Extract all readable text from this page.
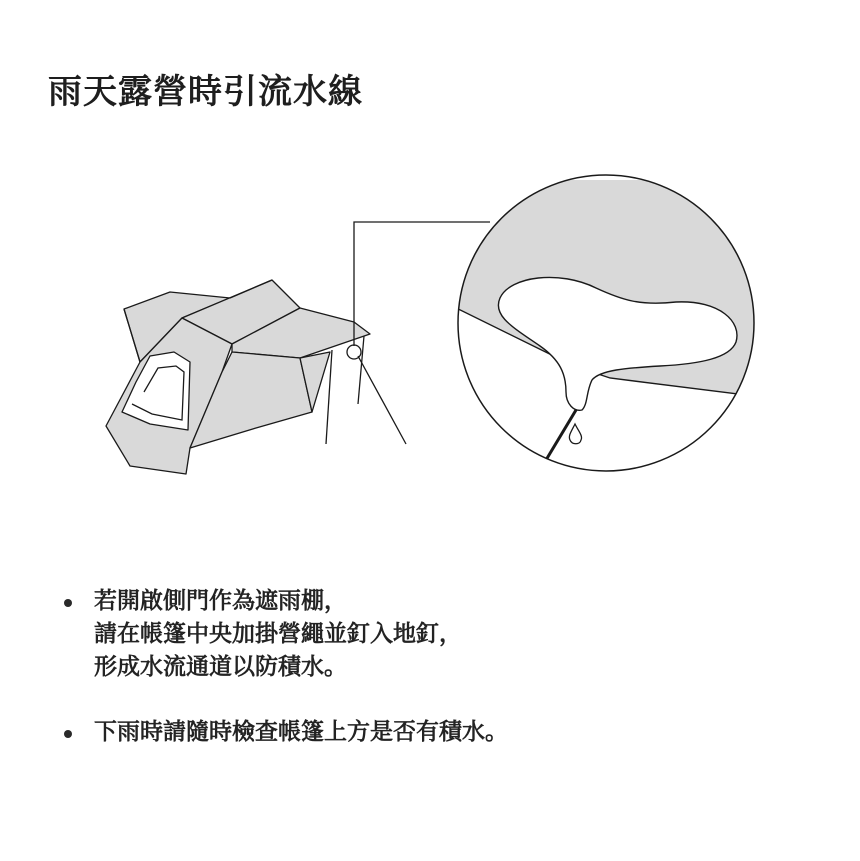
雨天露營時引流水線
若開啟側門作為遮雨棚，
請在帳篷中央加掛營繩並釘入地釘，
形成水流通道以防積水。
下雨時請隨時檢查帳篷上方是否有積水。
